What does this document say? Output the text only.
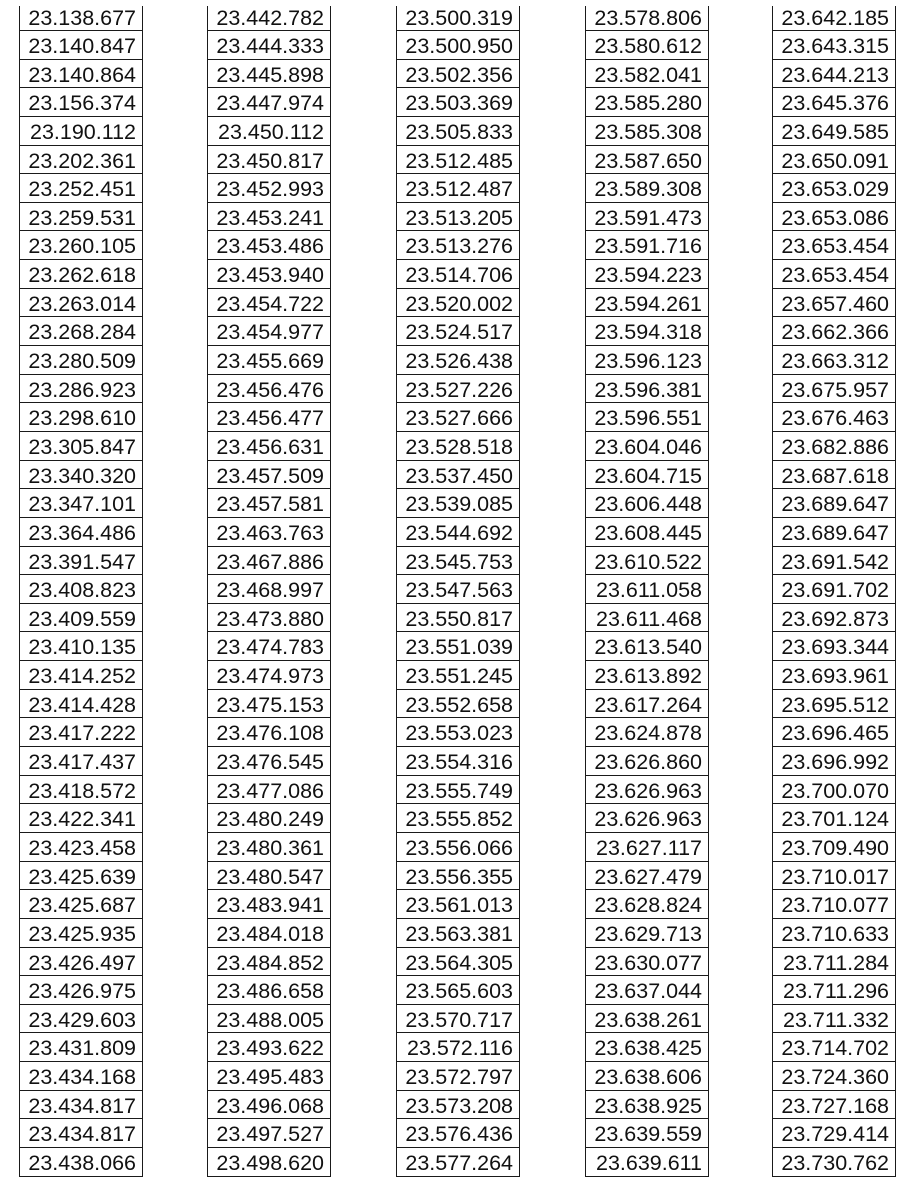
23.138.677
23.140.847
23.140.864
23.156.374
23.190.112
23.202.361
23.252.451
23.259.531
23.260.105
23.262.618
23.263.014
23.268.284
23.280.509
23.286.923
23.298.610
23.305.847
23.340.320
23.347.101
23.364.486
23.391.547
23.408.823
23.409.559
23.410.135
23.414.252
23.414.428
23.417.222
23.417.437
23.418.572
23.422.341
23.423.458
23.425.639
23.425.687
23.425.935
23.426.497
23.426.975
23.429.603
23.431.809
23.434.168
23.434.817
23.434.817
23.438.066
23.442.782
23.444.333
23.445.898
23.447.974
23.450.112
23.450.817
23.452.993
23.453.241
23.453.486
23.453.940
23.454.722
23.454.977
23.455.669
23.456.476
23.456.477
23.456.631
23.457.509
23.457.581
23.463.763
23.467.886
23.468.997
23.473.880
23.474.783
23.474.973
23.475.153
23.476.108
23.476.545
23.477.086
23.480.249
23.480.361
23.480.547
23.483.941
23.484.018
23.484.852
23.486.658
23.488.005
23.493.622
23.495.483
23.496.068
23.497.527
23.498.620
23.500.319
23.500.950
23.502.356
23.503.369
23.505.833
23.512.485
23.512.487
23.513.205
23.513.276
23.514.706
23.520.002
23.524.517
23.526.438
23.527.226
23.527.666
23.528.518
23.537.450
23.539.085
23.544.692
23.545.753
23.547.563
23.550.817
23.551.039
23.551.245
23.552.658
23.553.023
23.554.316
23.555.749
23.555.852
23.556.066
23.556.355
23.561.013
23.563.381
23.564.305
23.565.603
23.570.717
23.572.116
23.572.797
23.573.208
23.576.436
23.577.264
23.578.806
23.580.612
23.582.041
23.585.280
23.585.308
23.587.650
23.589.308
23.591.473
23.591.716
23.594.223
23.594.261
23.594.318
23.596.123
23.596.381
23.596.551
23.604.046
23.604.715
23.606.448
23.608.445
23.610.522
23.611.058
23.611.468
23.613.540
23.613.892
23.617.264
23.624.878
23.626.860
23.626.963
23.626.963
23.627.117
23.627.479
23.628.824
23.629.713
23.630.077
23.637.044
23.638.261
23.638.425
23.638.606
23.638.925
23.639.559
23.639.611
23.642.185
23.643.315
23.644.213
23.645.376
23.649.585
23.650.091
23.653.029
23.653.086
23.653.454
23.653.454
23.657.460
23.662.366
23.663.312
23.675.957
23.676.463
23.682.886
23.687.618
23.689.647
23.689.647
23.691.542
23.691.702
23.692.873
23.693.344
23.693.961
23.695.512
23.696.465
23.696.992
23.700.070
23.701.124
23.709.490
23.710.017
23.710.077
23.710.633
23.711.284
23.711.296
23.711.332
23.714.702
23.724.360
23.727.168
23.729.414
23.730.762
